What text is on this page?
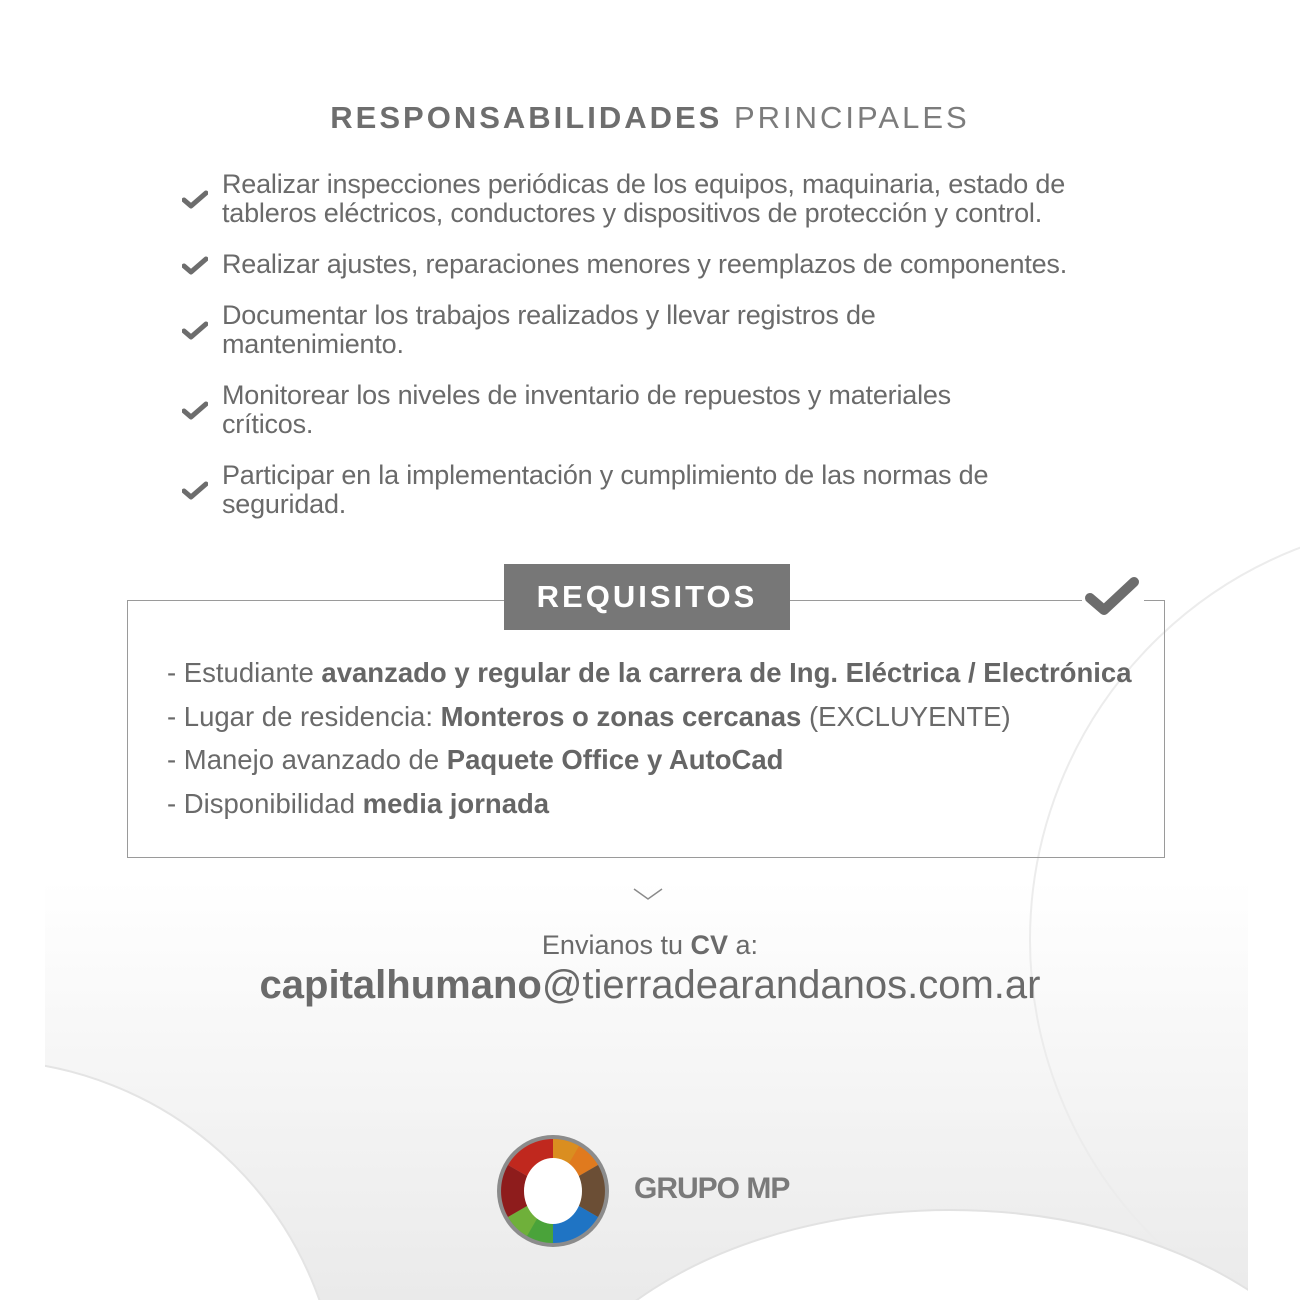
RESPONSABILIDADES PRINCIPALES
Realizar inspecciones periódicas de los equipos, maquinaria, estado de tableros eléctricos, conductores y dispositivos de protección y control.
Realizar ajustes, reparaciones menores y reemplazos de componentes.
Documentar los trabajos realizados y llevar registros de mantenimiento.
Monitorear los niveles de inventario de repuestos y materiales críticos.
Participar en la implementación y cumplimiento de las normas de seguridad.
REQUISITOS
- Estudiante avanzado y regular de la carrera de Ing. Eléctrica / Electrónica
- Lugar de residencia: Monteros o zonas cercanas (EXCLUYENTE)
- Manejo avanzado de Paquete Office y AutoCad
- Disponibilidad media jornada
Envianos tu CV a:
capitalhumano@tierradearandanos.com.ar
GRUPO MP
